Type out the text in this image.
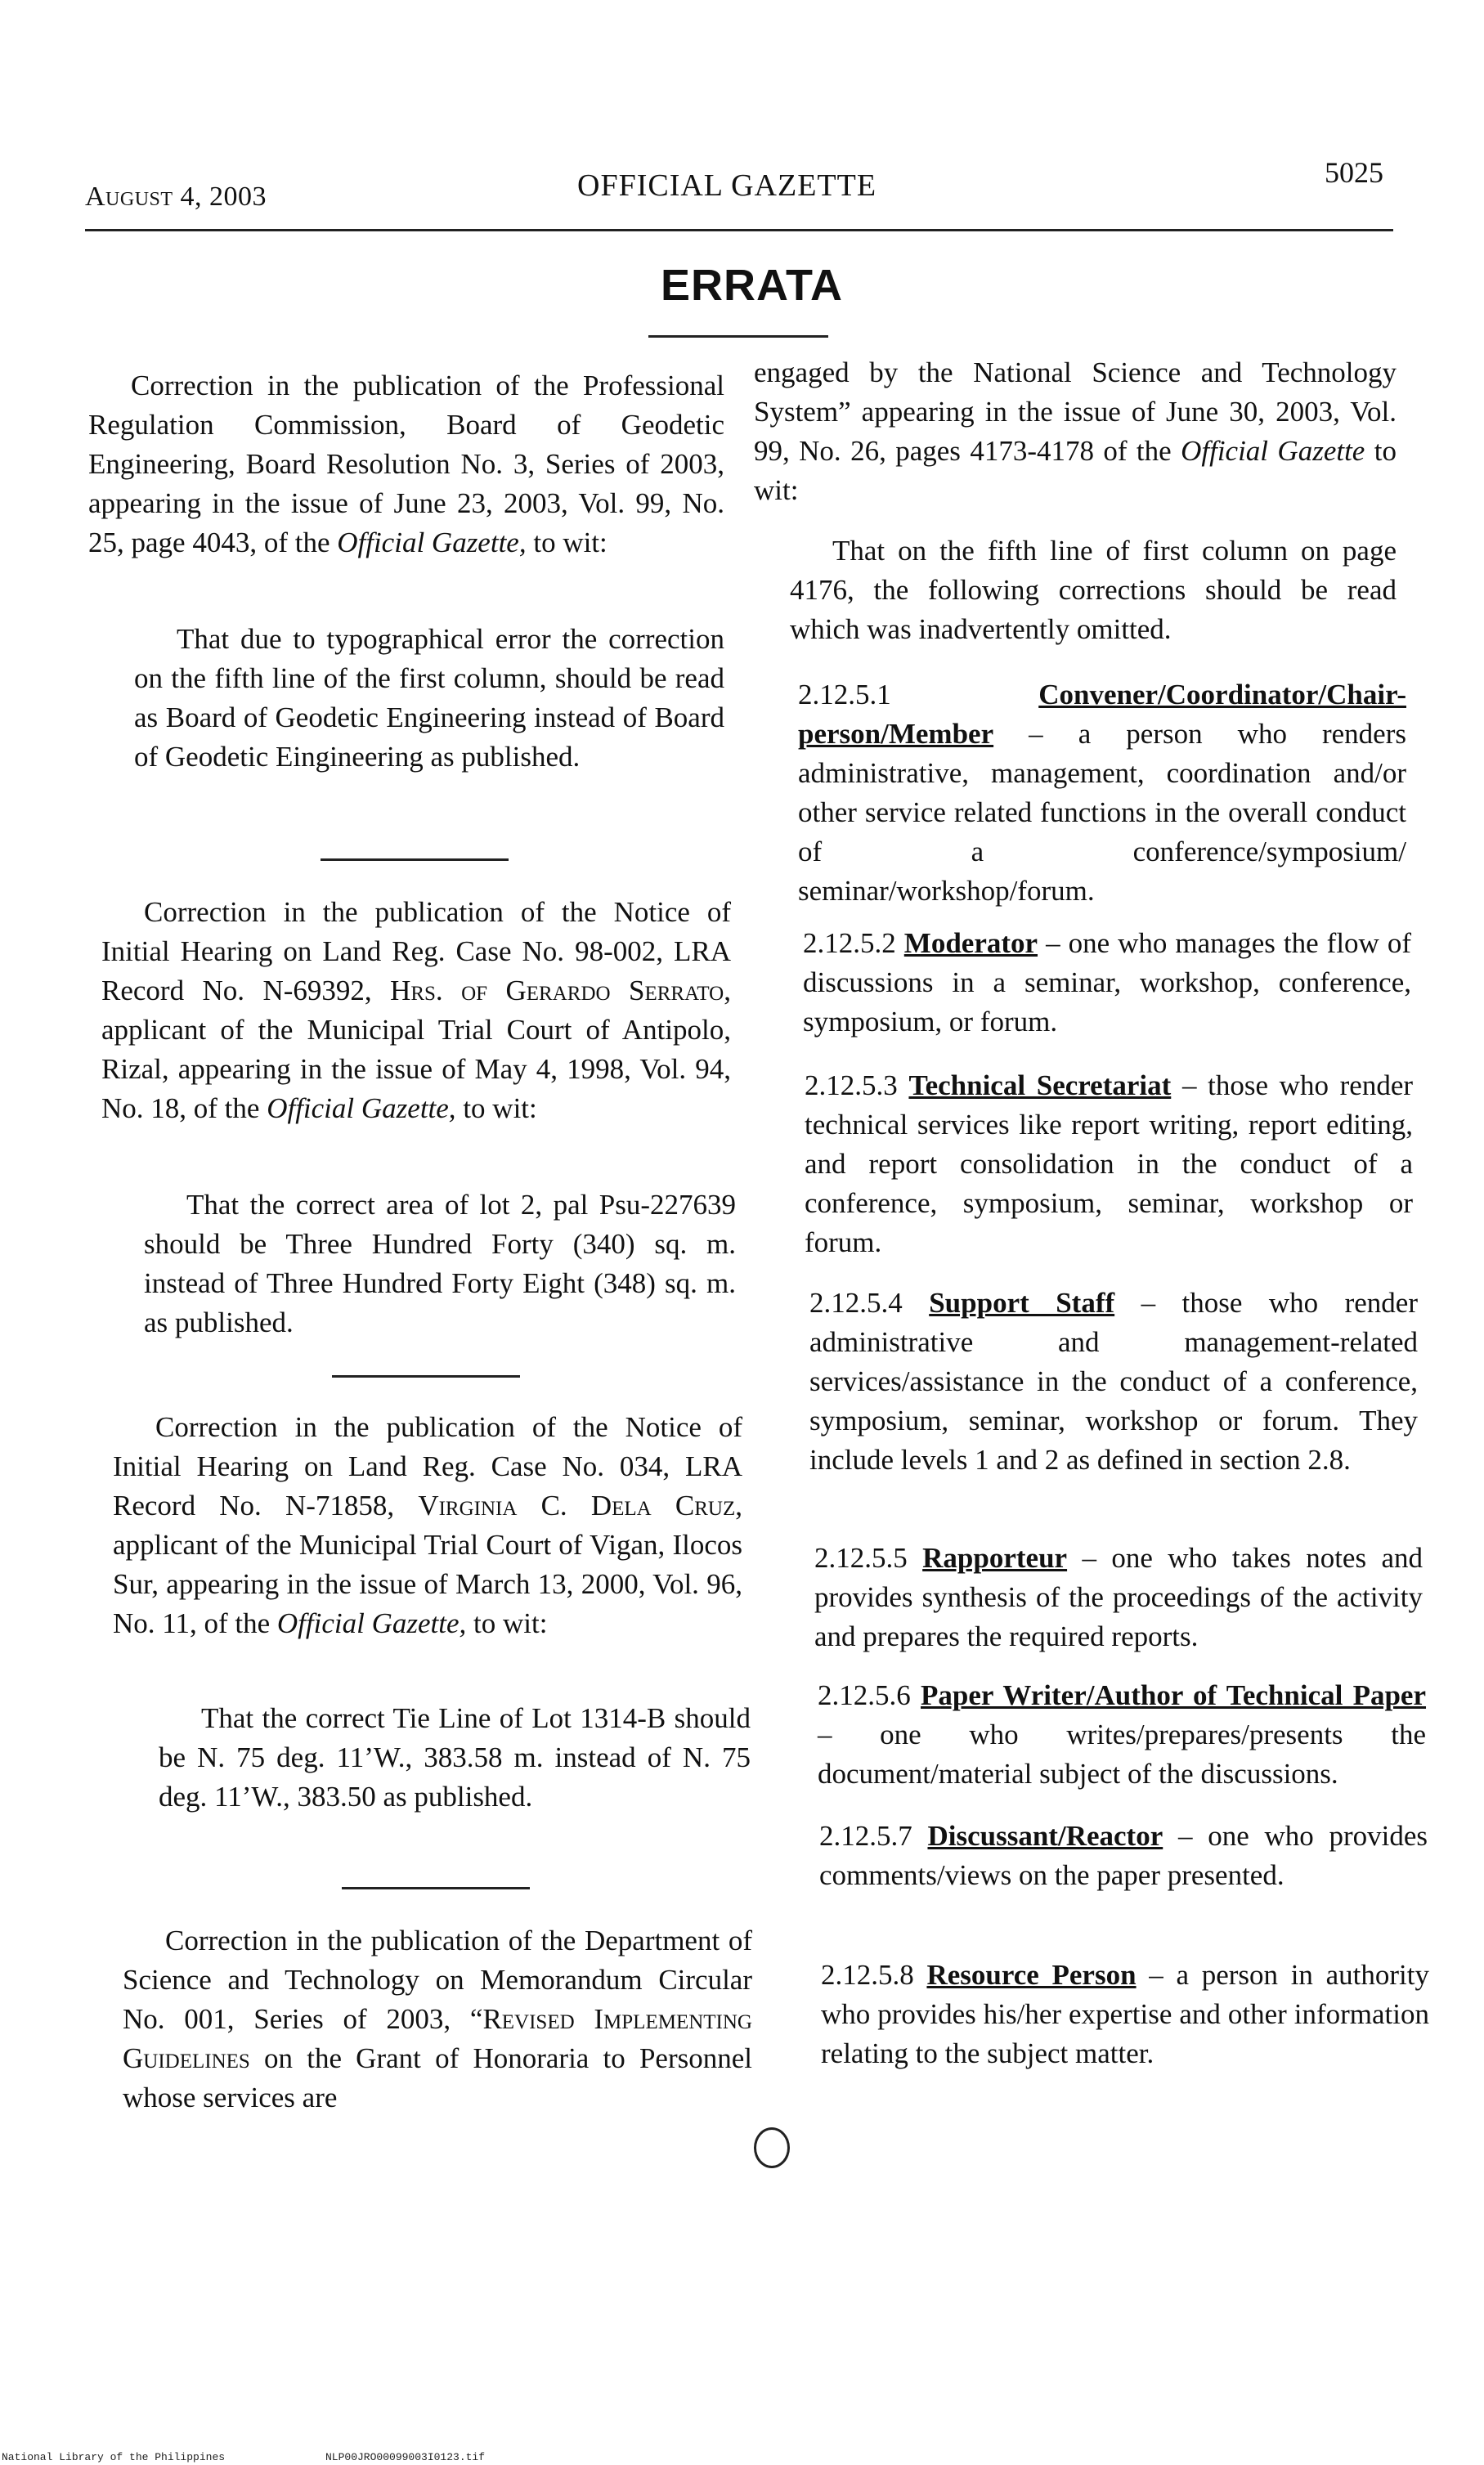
August 4, 2003	OFFICIAL GAZETTE	5025
ERRATA
Correction in the publication of the Professional Regulation Commission, Board of Geodetic Engineering, Board Resolution No. 3, Series of 2003, appearing in the issue of June 23, 2003, Vol. 99, No. 25, page 4043, of the Official Gazette, to wit:
That due to typographical error the correction on the fifth line of the first column, should be read as Board of Geodetic Engineering instead of Board of Geodetic Eingineering as published.
Correction in the publication of the Notice of Initial Hearing on Land Reg. Case No. 98-002, LRA Record No. N-69392, Hrs. of Gerardo Serrato, applicant of the Municipal Trial Court of Antipolo, Rizal, appearing in the issue of May 4, 1998, Vol. 94, No. 18, of the Official Gazette, to wit:
That the correct area of lot 2, pal Psu-227639 should be Three Hundred Forty (340) sq. m. instead of Three Hundred Forty Eight (348) sq. m. as published.
Correction in the publication of the Notice of Initial Hearing on Land Reg. Case No. 034, LRA Record No. N-71858, Virginia C. Dela Cruz, applicant of the Municipal Trial Court of Vigan, Ilocos Sur, appearing in the issue of March 13, 2000, Vol. 96, No. 11, of the Official Gazette, to wit:
That the correct Tie Line of Lot 1314-B should be N. 75 deg. 11’W., 383.58 m. instead of N. 75 deg. 11’W., 383.50 as published.
Correction in the publication of the Department of Science and Technology on Memorandum Circular No. 001, Series of 2003, “Revised Implementing Guidelines on the Grant of Honoraria to Personnel whose services are
engaged by the National Science and Technology System” appearing in the issue of June 30, 2003, Vol. 99, No. 26, pages 4173-4178 of the Official Gazette to wit:
That on the fifth line of first column on page 4176, the following corrections should be read which was inadvertently omitted.
2.12.5.1	Convener/Coordinator/Chair-person/Member – a person who renders administrative, management, coordination and/or other service related functions in the overall conduct of a conference/symposium/ seminar/workshop/forum.
2.12.5.2 Moderator – one who manages the flow of discussions in a seminar, workshop, conference, symposium, or forum.
2.12.5.3 Technical Secretariat – those who render technical services like report writing, report editing, and report consolidation in the conduct of a conference, symposium, seminar, workshop or forum.
2.12.5.4 Support Staff – those who render administrative and management-related services/assistance in the conduct of a conference, symposium, seminar, workshop or forum. They include levels 1 and 2 as defined in section 2.8.
2.12.5.5 Rapporteur – one who takes notes and provides synthesis of the proceedings of the activity and prepares the required reports.
2.12.5.6 Paper Writer/Author of Technical Paper – one who writes/prepares/presents the document/material subject of the discussions.
2.12.5.7 Discussant/Reactor – one who provides comments/views on the paper presented.
2.12.5.8 Resource Person – a person in authority who provides his/her expertise and other information relating to the subject matter.
National Library of the Philippines	NLP00JRO00099003I0123.tif
